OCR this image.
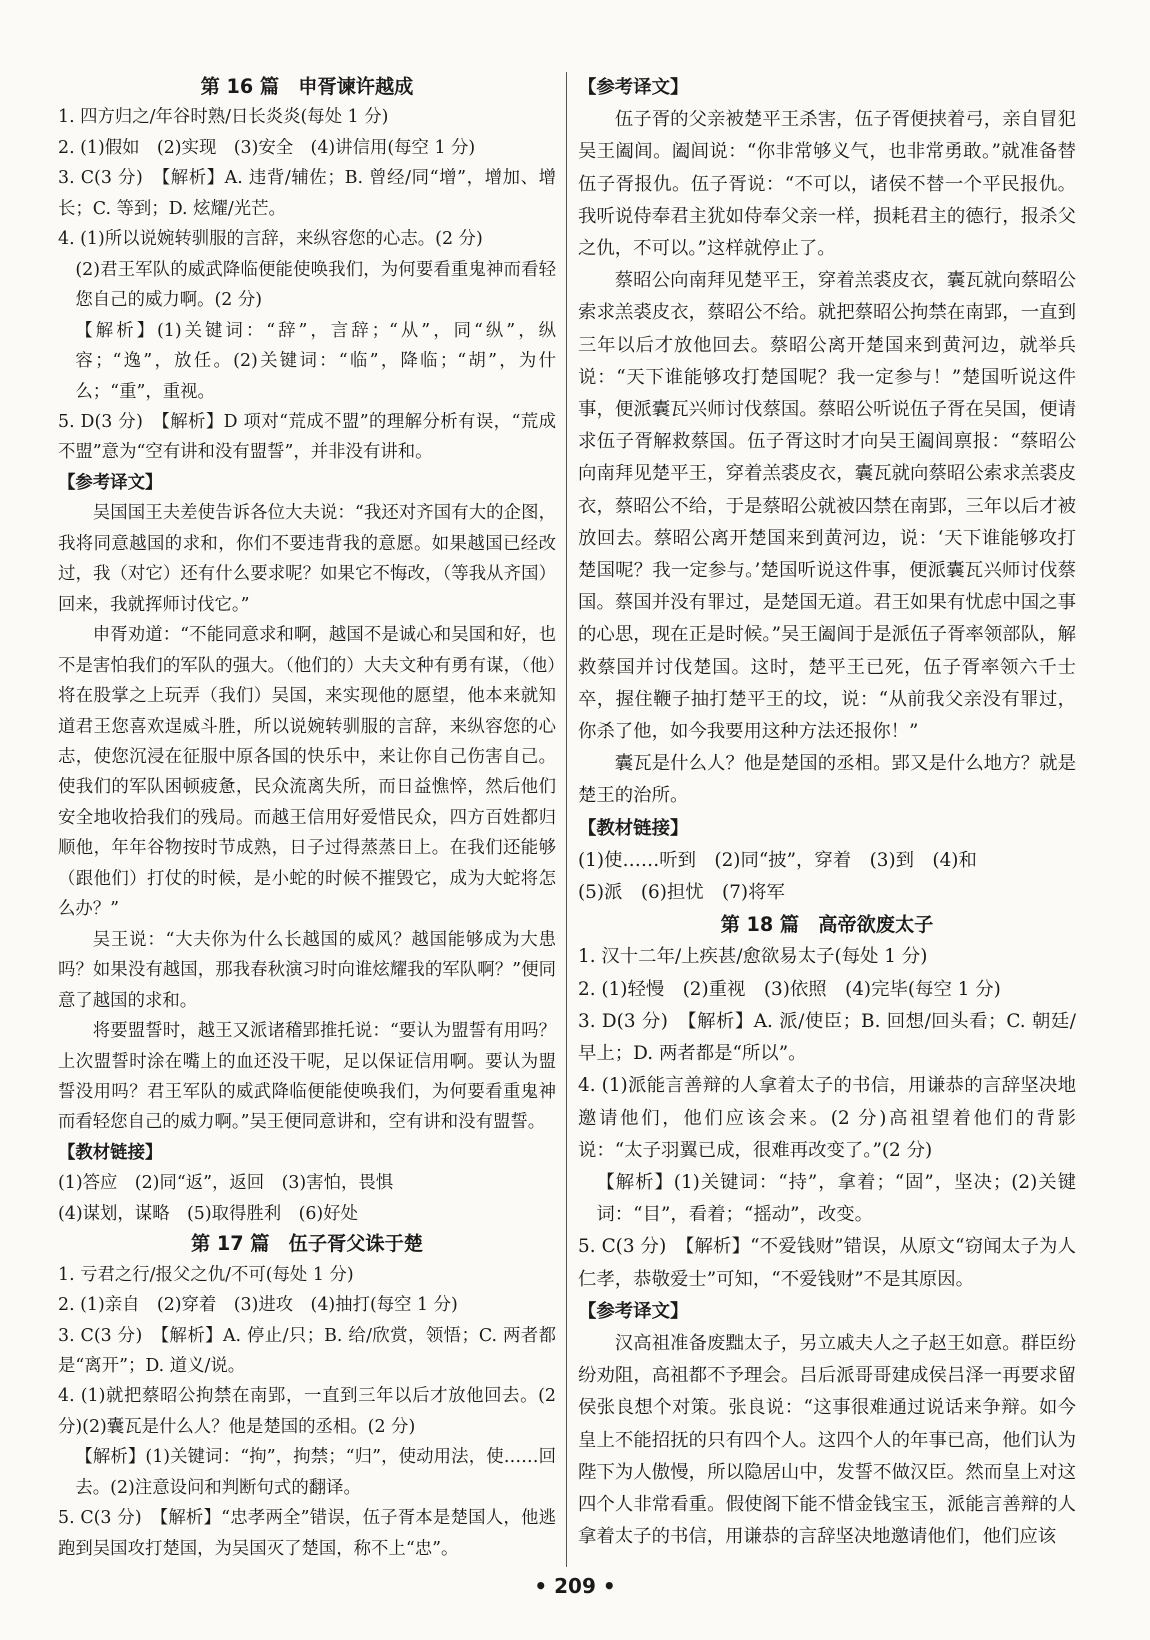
第 16 篇　申胥谏许越成
1. 四方归之/年谷时熟/日长炎炎(每处 1 分)
2. (1)假如　(2)实现　(3)安全　(4)讲信用(每空 1 分)
3. C(3 分)　【解析】A. 违背/辅佐；B. 曾经/同“增”，增加、增长；C. 等到；D. 炫耀/光芒。
4. (1)所以说婉转驯服的言辞，来纵容您的心志。(2 分)
(2)君王军队的威武降临便能使唤我们，为何要看重鬼神而看轻您自己的威力啊。(2 分)
【解析】(1)关键词：“辞”，言辞；“从”，同“纵”，纵容；“逸”，放任。(2)关键词：“临”，降临；“胡”，为什么；“重”，重视。
5. D(3 分)　【解析】D 项对“荒成不盟”的理解分析有误，“荒成不盟”意为“空有讲和没有盟誓”，并非没有讲和。
【参考译文】
吴国国王夫差使告诉各位大夫说：“我还对齐国有大的企图，我将同意越国的求和，你们不要违背我的意愿。如果越国已经改过，我（对它）还有什么要求呢？如果它不悔改，（等我从齐国）回来，我就挥师讨伐它。”
申胥劝道：“不能同意求和啊，越国不是诚心和吴国和好，也不是害怕我们的军队的强大。（他们的）大夫文种有勇有谋，（他）将在股掌之上玩弄（我们）吴国，来实现他的愿望，他本来就知道君王您喜欢逞威斗胜，所以说婉转驯服的言辞，来纵容您的心志，使您沉浸在征服中原各国的快乐中，来让你自己伤害自己。使我们的军队困顿疲惫，民众流离失所，而日益憔悴，然后他们安全地收拾我们的残局。而越王信用好爱惜民众，四方百姓都归顺他，年年谷物按时节成熟，日子过得蒸蒸日上。在我们还能够（跟他们）打仗的时候，是小蛇的时候不摧毁它，成为大蛇将怎么办？”
吴王说：“大夫你为什么长越国的威风？越国能够成为大患吗？如果没有越国，那我春秋演习时向谁炫耀我的军队啊？”便同意了越国的求和。
将要盟誓时，越王又派诸稽郢推托说：“要认为盟誓有用吗？上次盟誓时涂在嘴上的血还没干呢，足以保证信用啊。要认为盟誓没用吗？君王军队的威武降临便能使唤我们，为何要看重鬼神而看轻您自己的威力啊。”吴王便同意讲和，空有讲和没有盟誓。
【教材链接】
(1)答应　(2)同“返”，返回　(3)害怕，畏惧
(4)谋划，谋略　(5)取得胜利　(6)好处
第 17 篇　伍子胥父诛于楚
1. 亏君之行/报父之仇/不可(每处 1 分)
2. (1)亲自　(2)穿着　(3)进攻　(4)抽打(每空 1 分)
3. C(3 分)　【解析】A. 停止/只；B. 给/欣赏，领悟；C. 两者都是“离开”；D. 道义/说。
4. (1)就把蔡昭公拘禁在南郢，一直到三年以后才放他回去。(2 分)(2)囊瓦是什么人？他是楚国的丞相。(2 分)
【解析】(1)关键词：“拘”，拘禁；“归”，使动用法，使……回去。(2)注意设问和判断句式的翻译。
5. C(3 分)　【解析】“忠孝两全”错误，伍子胥本是楚国人，他逃跑到吴国攻打楚国，为吴国灭了楚国，称不上“忠”。
【参考译文】
伍子胥的父亲被楚平王杀害，伍子胥便挟着弓，亲自冒犯吴王阖闾。阖闾说：“你非常够义气，也非常勇敢。”就准备替伍子胥报仇。伍子胥说：“不可以，诸侯不替一个平民报仇。我听说侍奉君主犹如侍奉父亲一样，损耗君主的德行，报杀父之仇，不可以。”这样就停止了。
蔡昭公向南拜见楚平王，穿着羔裘皮衣，囊瓦就向蔡昭公索求羔裘皮衣，蔡昭公不给。就把蔡昭公拘禁在南郢，一直到三年以后才放他回去。蔡昭公离开楚国来到黄河边，就举兵说：“天下谁能够攻打楚国呢？我一定参与！”楚国听说这件事，便派囊瓦兴师讨伐蔡国。蔡昭公听说伍子胥在吴国，便请求伍子胥解救蔡国。伍子胥这时才向吴王阖闾禀报：“蔡昭公向南拜见楚平王，穿着羔裘皮衣，囊瓦就向蔡昭公索求羔裘皮衣，蔡昭公不给，于是蔡昭公就被囚禁在南郢，三年以后才被放回去。蔡昭公离开楚国来到黄河边，说：‘天下谁能够攻打楚国呢？我一定参与。’楚国听说这件事，便派囊瓦兴师讨伐蔡国。蔡国并没有罪过，是楚国无道。君王如果有忧虑中国之事的心思，现在正是时候。”吴王阖闾于是派伍子胥率领部队，解救蔡国并讨伐楚国。这时，楚平王已死，伍子胥率领六千士卒，握住鞭子抽打楚平王的坟，说：“从前我父亲没有罪过，你杀了他，如今我要用这种方法还报你！”
囊瓦是什么人？他是楚国的丞相。郢又是什么地方？就是楚王的治所。
【教材链接】
(1)使……听到　(2)同“披”，穿着　(3)到　(4)和
(5)派　(6)担忧　(7)将军
第 18 篇　高帝欲废太子
1. 汉十二年/上疾甚/愈欲易太子(每处 1 分)
2. (1)轻慢　(2)重视　(3)依照　(4)完毕(每空 1 分)
3. D(3 分)　【解析】A. 派/使臣；B. 回想/回头看；C. 朝廷/早上；D. 两者都是“所以”。
4. (1)派能言善辩的人拿着太子的书信，用谦恭的言辞坚决地邀请他们，他们应该会来。(2 分)高祖望着他们的背影说：“太子羽翼已成，很难再改变了。”(2 分)
【解析】(1)关键词：“持”，拿着；“固”，坚决；(2)关键词：“目”，看着；“摇动”，改变。
5. C(3 分)　【解析】“不爱钱财”错误，从原文“窃闻太子为人仁孝，恭敬爱士”可知，“不爱钱财”不是其原因。
【参考译文】
汉高祖准备废黜太子，另立戚夫人之子赵王如意。群臣纷纷劝阻，高祖都不予理会。吕后派哥哥建成侯吕泽一再要求留侯张良想个对策。张良说：“这事很难通过说话来争辩。如今皇上不能招抚的只有四个人。这四个人的年事已高，他们认为陛下为人傲慢，所以隐居山中，发誓不做汉臣。然而皇上对这四个人非常看重。假使阁下能不惜金钱宝玉，派能言善辩的人拿着太子的书信，用谦恭的言辞坚决地邀请他们，他们应该
• 209 •
